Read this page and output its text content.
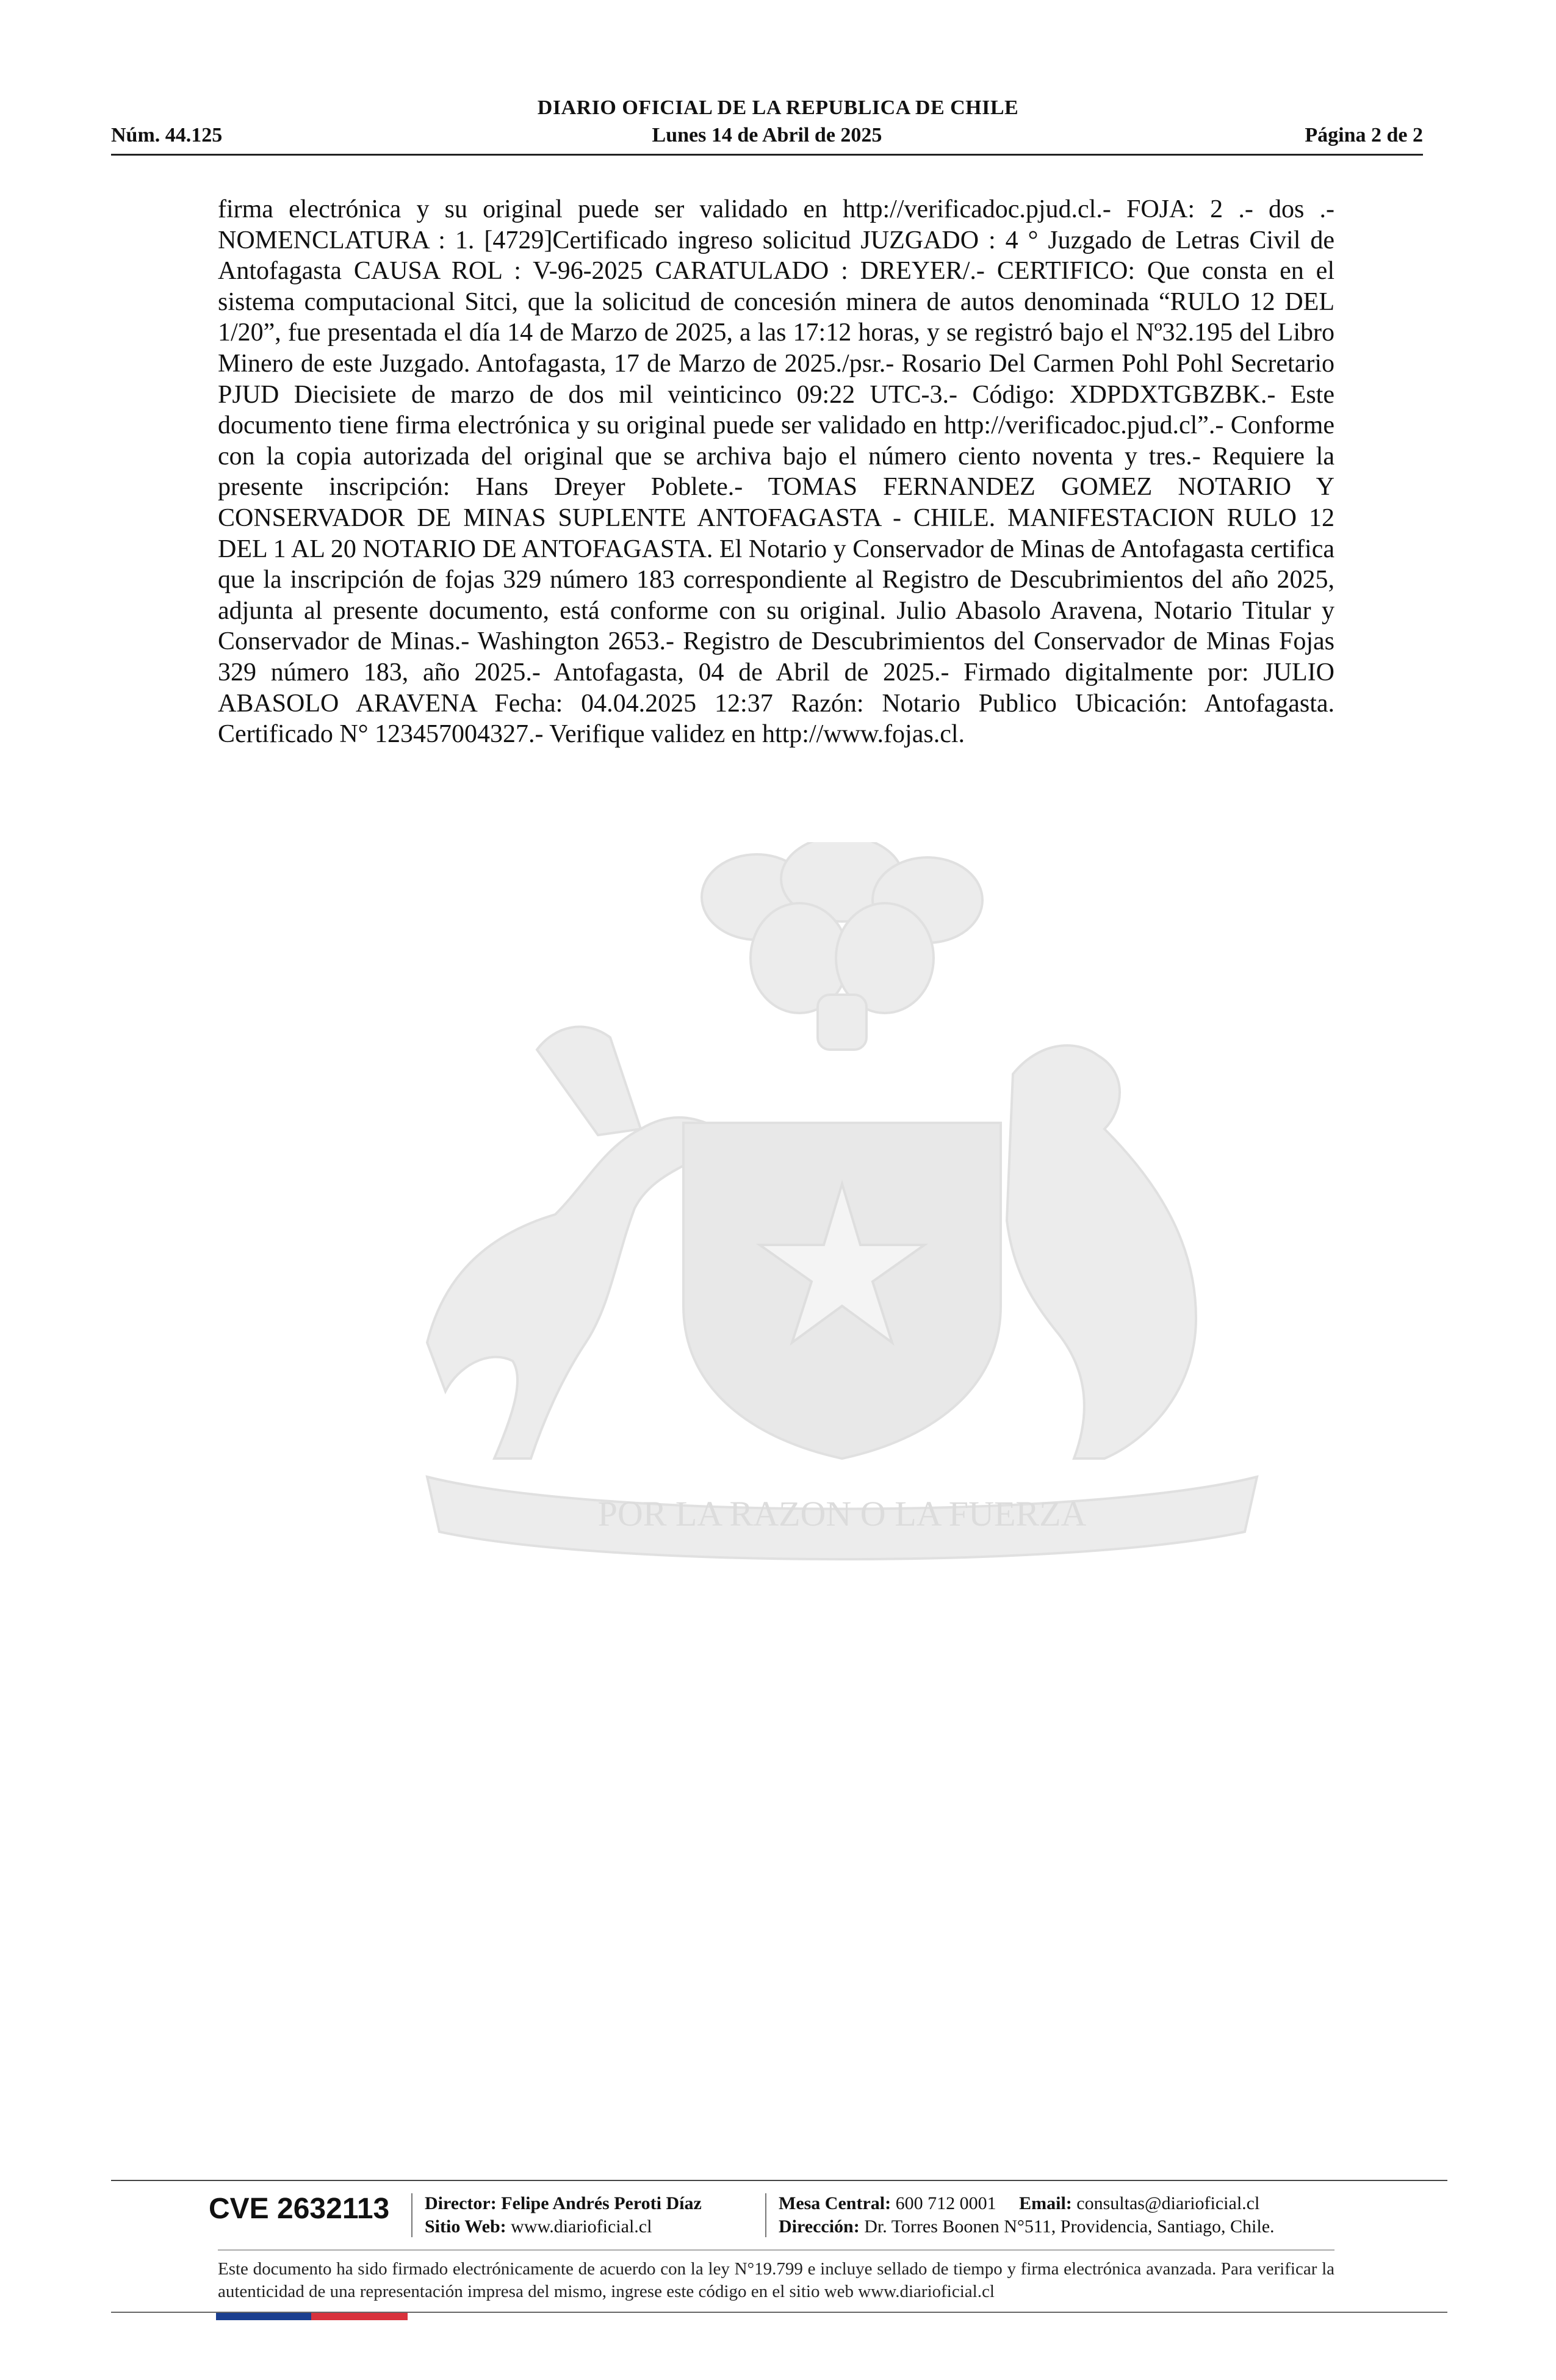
DIARIO OFICIAL DE LA REPUBLICA DE CHILE
Núm. 44.125	Lunes 14 de Abril de 2025	Página 2 de 2
POR LA RAZON O LA FUERZA
firma electrónica y su original puede ser validado en http://verificadoc.pjud.cl.- FOJA: 2 .- dos .- NOMENCLATURA : 1. [4729]Certificado ingreso solicitud JUZGADO : 4 ° Juzgado de Letras Civil de Antofagasta CAUSA ROL : V-96-2025 CARATULADO : DREYER/.- CERTIFICO: Que consta en el sistema computacional Sitci, que la solicitud de concesión minera de autos denominada “RULO 12 DEL 1/20”, fue presentada el día 14 de Marzo de 2025, a las 17:12 horas, y se registró bajo el Nº32.195 del Libro Minero de este Juzgado. Antofagasta, 17 de Marzo de 2025./psr.- Rosario Del Carmen Pohl Pohl Secretario PJUD Diecisiete de marzo de dos mil veinticinco 09:22 UTC-3.- Código: XDPDXTGBZBK.- Este documento tiene firma electrónica y su original puede ser validado en http://verificadoc.pjud.cl”.- Conforme con la copia autorizada del original que se archiva bajo el número ciento noventa y tres.- Requiere la presente inscripción: Hans Dreyer Poblete.- TOMAS FERNANDEZ GOMEZ NOTARIO Y CONSERVADOR DE MINAS SUPLENTE ANTOFAGASTA - CHILE. MANIFESTACION RULO 12 DEL 1 AL 20 NOTARIO DE ANTOFAGASTA. El Notario y Conservador de Minas de Antofagasta certifica que la inscripción de fojas 329 número 183 correspondiente al Registro de Descubrimientos del año 2025, adjunta al presente documento, está conforme con su original. Julio Abasolo Aravena, Notario Titular y Conservador de Minas.- Washington 2653.- Registro de Descubrimientos del Conservador de Minas Fojas 329 número 183, año 2025.- Antofagasta, 04 de Abril de 2025.- Firmado digitalmente por: JULIO ABASOLO ARAVENA Fecha: 04.04.2025 12:37 Razón: Notario Publico Ubicación: Antofagasta. Certificado N° 123457004327.- Verifique validez en http://www.fojas.cl.
CVE 2632113	Director: Felipe Andrés Peroti Díaz
Sitio Web: www.diarioficial.cl
Mesa Central: 600 712 0001 Email: consultas@diarioficial.cl
Dirección: Dr. Torres Boonen N°511, Providencia, Santiago, Chile.
Este documento ha sido firmado electrónicamente de acuerdo con la ley N°19.799 e incluye sellado de tiempo y firma electrónica avanzada. Para verificar la autenticidad de una representación impresa del mismo, ingrese este código en el sitio web www.diarioficial.cl
